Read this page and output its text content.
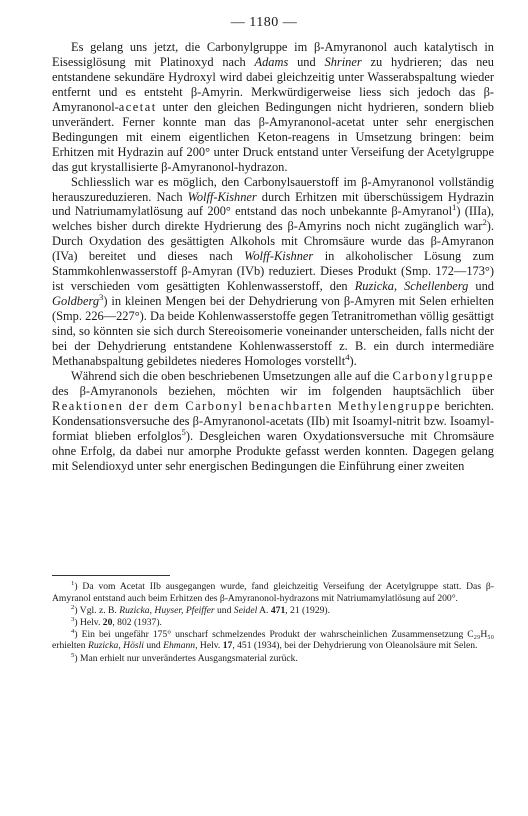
— 1180 —

Es gelang uns jetzt, die Carbonylgruppe im β-Amyranonol auch katalytisch in Eisessiglösung mit Platinoxyd nach Adams und Shriner zu hydrieren; das neu entstandene sekundäre Hydroxyl wird dabei gleichzeitig unter Wasserabspaltung wieder entfernt und es entsteht β-Amyrin. Merkwürdigerweise liess sich jedoch das β-Amyranonol-acetat unter den gleichen Bedingungen nicht hydrieren, sondern blieb unverändert. Ferner konnte man das β-Amyranonol-acetat unter sehr energischen Bedingungen mit einem eigentlichen Keton-reagens in Umsetzung bringen: beim Erhitzen mit Hydrazin auf 200° unter Druck entstand unter Verseifung der Acetylgruppe das gut krystallisierte β-Amyranonol-hydrazon.

Schliesslich war es möglich, den Carbonylsauerstoff im β-Amyranonol vollständig herauszureduzieren. Nach Wolff-Kishner durch Erhitzen mit überschüssigem Hydrazin und Natriumamylatlösung auf 200° entstand das noch unbekannte β-Amyranol$^1$) (IIIa), welches bisher durch direkte Hydrierung des β-Amyrins noch nicht zugänglich war$^2$). Durch Oxydation des gesättigten Alkohols mit Chromsäure wurde das β-Amyranon (IVa) bereitet und dieses nach Wolff-Kishner in alkoholischer Lösung zum Stammkohlenwasserstoff β-Amyran (IVb) reduziert. Dieses Produkt (Smp. 172—173°) ist verschieden vom gesättigten Kohlenwasserstoff, den Ruzicka, Schellenberg und Goldberg$^3$) in kleinen Mengen bei der Dehydrierung von β-Amyren mit Selen erhielten (Smp. 226—227°). Da beide Kohlenwasserstoffe gegen Tetranitromethan völlig gesättigt sind, so könnten sie sich durch Stereoisomerie voneinander unterscheiden, falls nicht der bei der Dehydrierung entstandene Kohlenwasserstoff z. B. ein durch intermediäre Methanabspaltung gebildetes niederes Homologes vorstellt$^4$).

Während sich die oben beschriebenen Umsetzungen alle auf die Carbonylgruppe des β-Amyranonols beziehen, möchten wir im folgenden hauptsächlich über Reaktionen der dem Carbonyl benachbarten Methylengruppe berichten. Kondensationsversuche des β-Amyranonol-acetats (IIb) mit Isoamyl-nitrit bzw. Isoamyl-formiat blieben erfolglos$^5$). Desgleichen waren Oxydationsversuche mit Chromsäure ohne Erfolg, da dabei nur amorphe Produkte gefasst werden konnten. Dagegen gelang mit Selendioxyd unter sehr energischen Bedingungen die Einführung einer zweiten

$^1$) Da vom Acetat IIb ausgegangen wurde, fand gleichzeitig Verseifung der Acetylgruppe statt. Das β-Amyranol entstand auch beim Erhitzen des β-Amyranonol-hydrazons mit Natriumamylatlösung auf 200°.

$^2$) Vgl. z. B. Ruzicka, Huyser, Pfeiffer und Seidel A. 471, 21 (1929).

$^3$) Helv. 20, 802 (1937).

$^4$) Ein bei ungefähr 175° unscharf schmelzendes Produkt der wahrscheinlichen Zusammensetzung C₂₉H₅₀ erhielten Ruzicka, Hösli und Ehmann, Helv. 17, 451 (1934), bei der Dehydrierung von Oleanolsäure mit Selen.

$^5$) Man erhielt nur unverändertes Ausgangsmaterial zurück.
